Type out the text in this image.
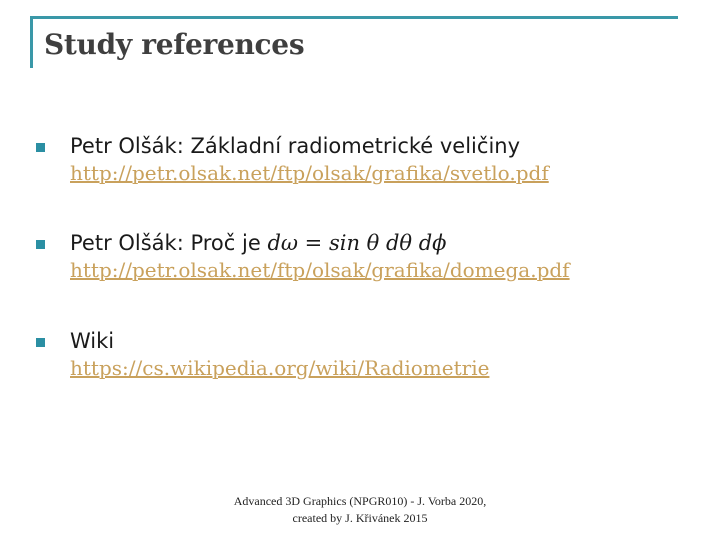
Study references
Petr Olšák: Základní radiometrické veličiny
http://petr.olsak.net/ftp/olsak/grafika/svetlo.pdf
Petr Olšák: Proč je dω = sin θ dθ dϕ
http://petr.olsak.net/ftp/olsak/grafika/domega.pdf
Wiki
https://cs.wikipedia.org/wiki/Radiometrie
Advanced 3D Graphics (NPGR010) - J. Vorba 2020,
created by J. Křivánek 2015
